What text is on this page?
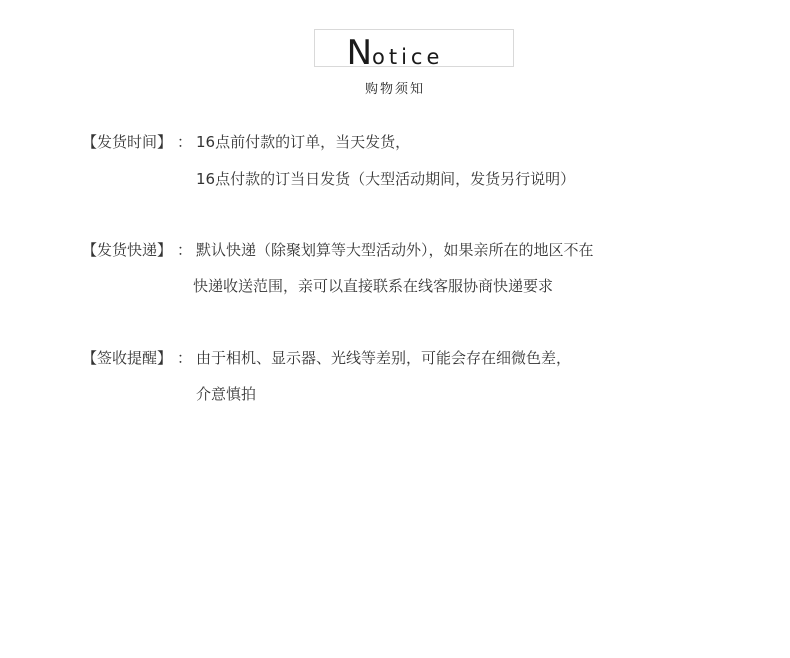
Notice
购物须知
【发货时间】 ： 16点前付款的订单，当天发货，
16点付款的订当日发货（大型活动期间，发货另行说明）
【发货快递】 ： 默认快递（除聚划算等大型活动外），如果亲所在的地区不在
快递收送范围，亲可以直接联系在线客服协商快递要求
【签收提醒】 ： 由于相机、显示器、光线等差别，可能会存在细微色差，
介意慎拍
